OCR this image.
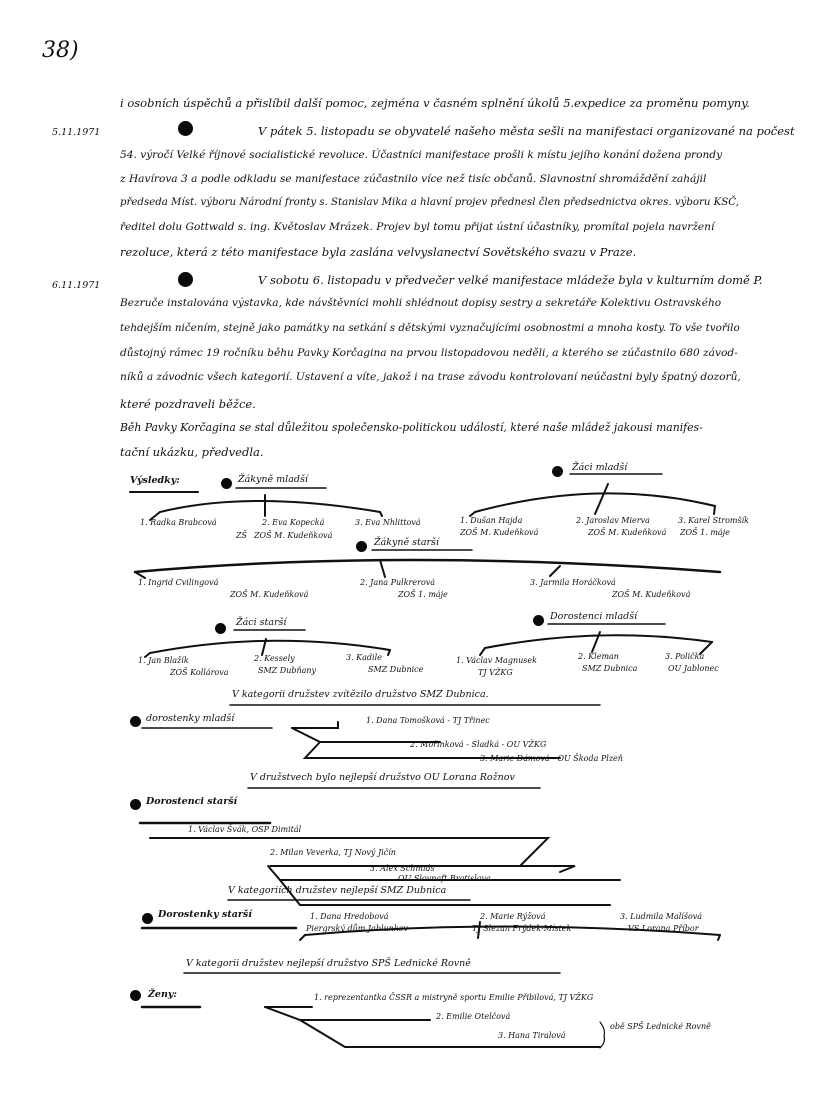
38)
5.11.1971
6.11.1971
i osobních úspěchů a přislíbil další pomoc, zejména v časném splnění úkolů 5.expedice za proměnu pomyny.
V pátek 5. listopadu se obyvatelé našeho města sešli na manifestaci organizované na počest
54. výročí Velké říjnové socialistické revoluce. Účastníci manifestace prošli k místu jejího konání dožena prondy
z Havírova 3 a podle odkladu se manifestace zúčastnilo více než tisíc občanů. Slavnostní shromáždění zahájil
předseda Míst. výboru Národní fronty s. Stanislav Mika a hlavní projev přednesl člen předsednictva okres. výboru KSČ,
ředitel dolu Gottwald s. ing. Květoslav Mrázek. Projev byl tomu přijat ústní účastníky, promítal pojela navržení
rezoluce, která z této manifestace byla zaslána velvyslanectví Sovětského svazu v Praze.
V sobotu 6. listopadu v předvečer velké manifestace mládeže byla v kulturním domě P.
Bezruče instalována výstavka, kde návštěvníci mohli shlédnout dopisy sestry a sekretáře Kolektivu Ostravského
tehdejším ničením, stejně jako památky na setkání s dětskými vyznačujícími osobnostmi a mnoha kosty. To vše tvořilo
důstojný rámec 19 ročníku běhu Pavky Korčagina na prvou listopadovou neděli, a kterého se zúčastnilo 680 závod-
níků a závodnic všech kategorií. Ustavení a víte, jakož i na trase závodu kontrolovaní neúčastni byly špatný dozorů,
které pozdraveli běžce.
Běh Pavky Korčagina se stal důležitou společensko-politickou událostí, které naše mládež jakousi manifes-
tační ukázku, předvedla.
Výsledky:	Žákyně mladší
1. Radka Brabcová
ZŠ
2. Eva Kopecká
ZOŠ M. Kudeňková
3. Eva Nhlittová
Žáci mladší
1. Dušan Hajda
ZOŠ M. Kudeňková
2. Jaroslav Mierva
ZOŠ M. Kudeňková
3. Karel Stromšík
ZOŠ 1. máje
Žákyně starší
1. Ingrid Cvilingová
ZOŠ M. Kudeňková
2. Jana Pulkrerová
ZOŠ 1. máje
3. Jarmila Horáčková
ZOŠ M. Kudeňková
Žáci starší
1. Jan Blažík
ZOŠ Kollárova
2. Kessely
SMZ Dubňany
3. Kadile
SMZ Dubnice
Dorostenci mladší
1. Václav Magnusek
TJ VŽKG
2. Kleman
SMZ Dubnica
3. Polička
OU Jablonec
V kategorii družstev zvítězilo družstvo SMZ Dubnica.
dorostenky mladší	1. Dana Tomošková - TJ Třinec
2. Mořinková - Sladká - OU VŽKG
3. Marie Dámová - OU Škoda Plzeň
V družstvech bylo nejlepší družstvo OU Lorana Rožnov
Dorostenci starší
1. Václav Švák, OSP Dimitál
2. Milan Veverka, TJ Nový Jičín
3. Alex Schmids
OU Slovnaft Bratislava
V kategoriích družstev nejlepší SMZ Dubnica
Dorostenky starší	1. Dana Hredobová
Piergrský dům Jablunkov
2. Marie Rýžová
TJ Slezan Frýdek-Místek
3. Ludmila Malíšová
VS Lorana Příbor
V kategorii družstev nejlepší družstvo SPŠ Lednické Rovně
Ženy:	1. reprezentantka ČSSR a mistryně sportu Emilie Přibilová, TJ VŽKG
2. Emilie Otelčová
3. Hana Tiralová
obě SPŠ Lednické Rovně
